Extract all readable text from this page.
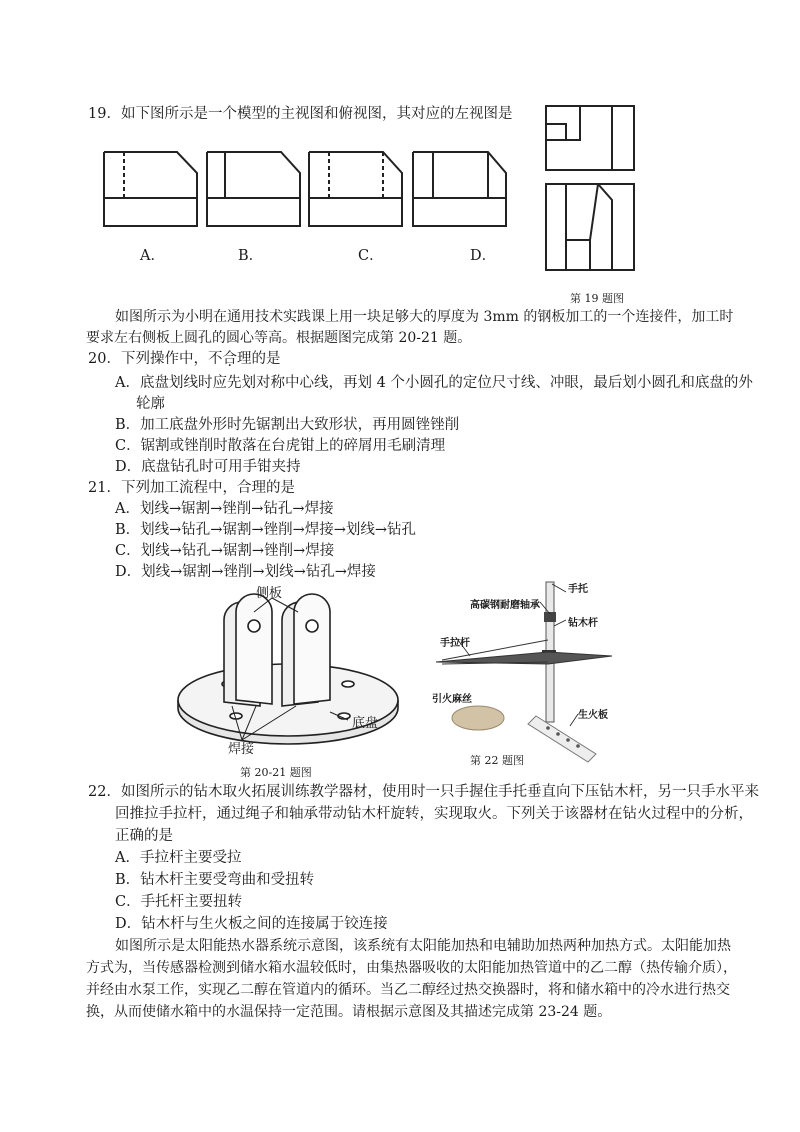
19．如下图所示是一个模型的主视图和俯视图，其对应的左视图是
A．	B．	C．	D．
第 19 题图
如图所示为小明在通用技术实践课上用一块足够大的厚度为 3mm 的钢板加工的一个连接件，加工时
要求左右侧板上圆孔的圆心等高。根据题图完成第 20-21 题。
20．下列操作中，不合理的是
A．底盘划线时应先划对称中心线，再划 4 个小圆孔的定位尺寸线、冲眼，最后划小圆孔和底盘的外
轮廓
B．加工底盘外形时先锯割出大致形状，再用圆锉锉削
C．锯割或锉削时散落在台虎钳上的碎屑用毛刷清理
D．底盘钻孔时可用手钳夹持
21．下列加工流程中，合理的是
A．划线→锯割→锉削→钻孔→焊接
B．划线→钻孔→锯割→锉削→焊接→划线→钻孔
C．划线→钻孔→锯割→锉削→焊接
D．划线→锯割→锉削→划线→钻孔→焊接
侧板
底盘
焊接
第 20-21 题图
手托
高碳钢耐磨轴承
钻木杆
手拉杆
引火麻丝
生火板
第 22 题图
22．如图所示的钻木取火拓展训练教学器材，使用时一只手握住手托垂直向下压钻木杆，另一只手水平来
回推拉手拉杆，通过绳子和轴承带动钻木杆旋转，实现取火。下列关于该器材在钻火过程中的分析，
正确的是
A．手拉杆主要受拉
B．钻木杆主要受弯曲和受扭转
C．手托杆主要扭转
D．钻木杆与生火板之间的连接属于铰连接
如图所示是太阳能热水器系统示意图，该系统有太阳能加热和电辅助加热两种加热方式。太阳能加热
方式为，当传感器检测到储水箱水温较低时，由集热器吸收的太阳能加热管道中的乙二醇（热传输介质），
并经由水泵工作，实现乙二醇在管道内的循环。当乙二醇经过热交换器时，将和储水箱中的冷水进行热交
换，从而使储水箱中的水温保持一定范围。请根据示意图及其描述完成第 23-24 题。
